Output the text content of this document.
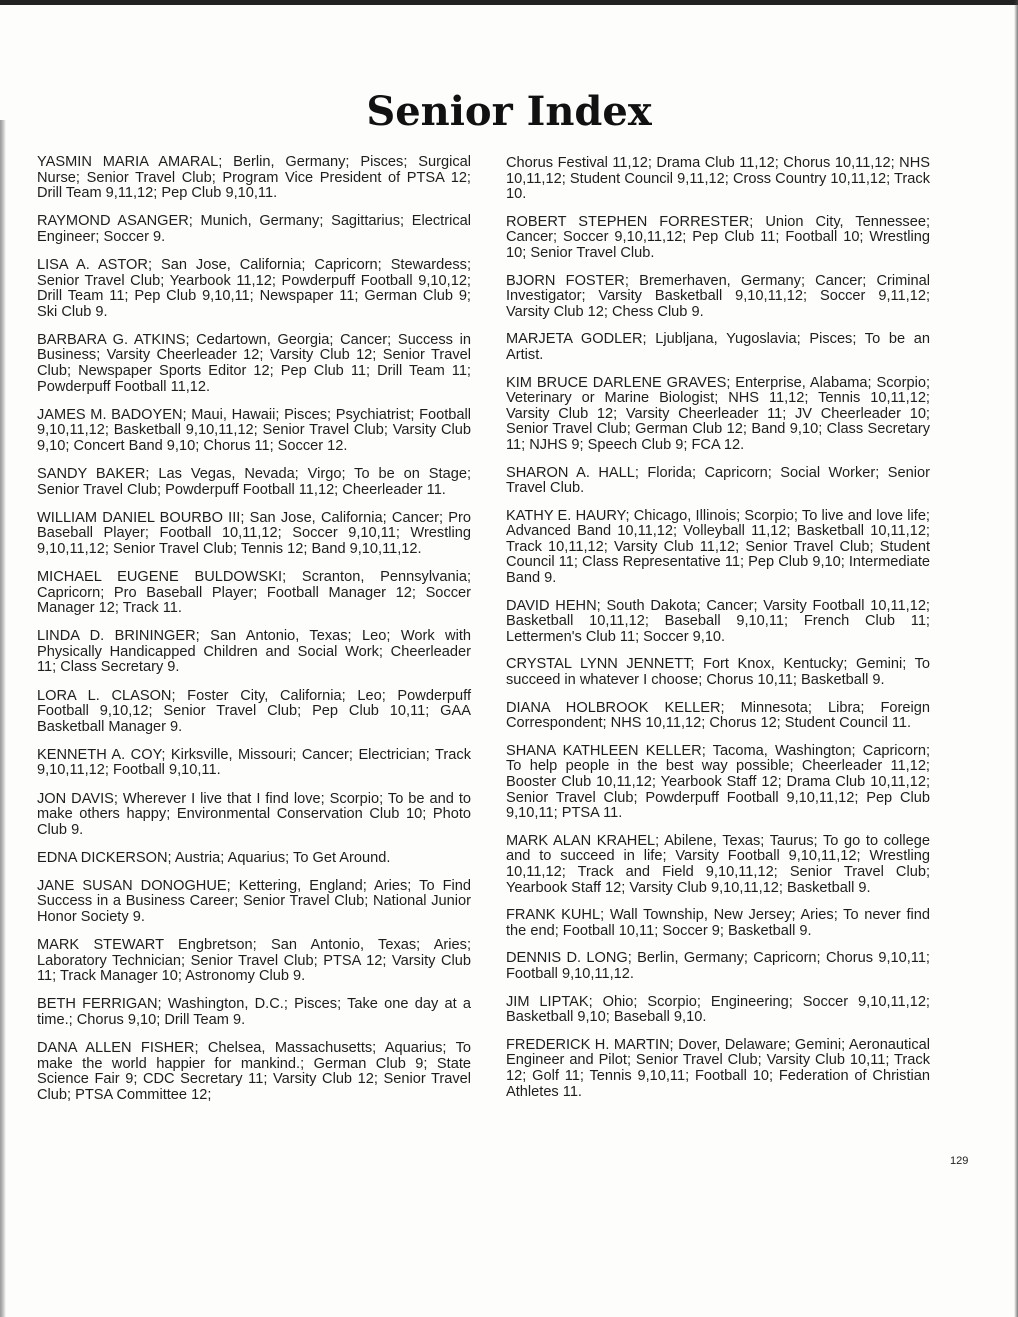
Senior Index

YASMIN MARIA AMARAL; Berlin, Germany; Pisces; Surgical Nurse; Senior Travel Club; Program Vice President of PTSA 12; Drill Team 9,11,12; Pep Club 9,10,11.

RAYMOND ASANGER; Munich, Germany; Sagittarius; Electrical Engineer; Soccer 9.

LISA A. ASTOR; San Jose, California; Capricorn; Stewardess; Senior Travel Club; Yearbook 11,12; Powderpuff Football 9,10,12; Drill Team 11; Pep Club 9,10,11; Newspaper 11; German Club 9; Ski Club 9.

BARBARA G. ATKINS; Cedartown, Georgia; Cancer; Success in Business; Varsity Cheerleader 12; Varsity Club 12; Senior Travel Club; Newspaper Sports Editor 12; Pep Club 11; Drill Team 11; Powderpuff Football 11,12.

JAMES M. BADOYEN; Maui, Hawaii; Pisces; Psychiatrist; Football 9,10,11,12; Basketball 9,10,11,12; Senior Travel Club; Varsity Club 9,10; Concert Band 9,10; Chorus 11; Soccer 12.

SANDY BAKER; Las Vegas, Nevada; Virgo; To be on Stage; Senior Travel Club; Powderpuff Football 11,12; Cheerleader 11.

WILLIAM DANIEL BOURBO III; San Jose, California; Cancer; Pro Baseball Player; Football 10,11,12; Soccer 9,10,11; Wrestling 9,10,11,12; Senior Travel Club; Tennis 12; Band 9,10,11,12.

MICHAEL EUGENE BULDOWSKI; Scranton, Pennsylvania; Capricorn; Pro Baseball Player; Football Manager 12; Soccer Manager 12; Track 11.

LINDA D. BRININGER; San Antonio, Texas; Leo; Work with Physically Handicapped Children and Social Work; Cheerleader 11; Class Secretary 9.

LORA L. CLASON; Foster City, California; Leo; Powderpuff Football 9,10,12; Senior Travel Club; Pep Club 10,11; GAA Basketball Manager 9.

KENNETH A. COY; Kirksville, Missouri; Cancer; Electrician; Track 9,10,11,12; Football 9,10,11.

JON DAVIS; Wherever I live that I find love; Scorpio; To be and to make others happy; Environmental Conservation Club 10; Photo Club 9.

EDNA DICKERSON; Austria; Aquarius; To Get Around.

JANE SUSAN DONOGHUE; Kettering, England; Aries; To Find Success in a Business Career; Senior Travel Club; National Junior Honor Society 9.

MARK STEWART Engbretson; San Antonio, Texas; Aries; Laboratory Technician; Senior Travel Club; PTSA 12; Varsity Club 11; Track Manager 10; Astronomy Club 9.

BETH FERRIGAN; Washington, D.C.; Pisces; Take one day at a time.; Chorus 9,10; Drill Team 9.

DANA ALLEN FISHER; Chelsea, Massachusetts; Aquarius; To make the world happier for mankind.; German Club 9; State Science Fair 9; CDC Secretary 11; Varsity Club 12; Senior Travel Club; PTSA Committee 12;

Chorus Festival 11,12; Drama Club 11,12; Chorus 10,11,12; NHS 10,11,12; Student Council 9,11,12; Cross Country 10,11,12; Track 10.

ROBERT STEPHEN FORRESTER; Union City, Tennessee; Cancer; Soccer 9,10,11,12; Pep Club 11; Football 10; Wrestling 10; Senior Travel Club.

BJORN FOSTER; Bremerhaven, Germany; Cancer; Criminal Investigator; Varsity Basketball 9,10,11,12; Soccer 9,11,12; Varsity Club 12; Chess Club 9.

MARJETA GODLER; Ljubljana, Yugoslavia; Pisces; To be an Artist.

KIM BRUCE DARLENE GRAVES; Enterprise, Alabama; Scorpio; Veterinary or Marine Biologist; NHS 11,12; Tennis 10,11,12; Varsity Club 12; Varsity Cheerleader 11; JV Cheerleader 10; Senior Travel Club; German Club 12; Band 9,10; Class Secretary 11; NJHS 9; Speech Club 9; FCA 12.

SHARON A. HALL; Florida; Capricorn; Social Worker; Senior Travel Club.

KATHY E. HAURY; Chicago, Illinois; Scorpio; To live and love life; Advanced Band 10,11,12; Volleyball 11,12; Basketball 10,11,12; Track 10,11,12; Varsity Club 11,12; Senior Travel Club; Student Council 11; Class Representative 11; Pep Club 9,10; Intermediate Band 9.

DAVID HEHN; South Dakota; Cancer; Varsity Football 10,11,12; Basketball 10,11,12; Baseball 9,10,11; French Club 11; Lettermen's Club 11; Soccer 9,10.

CRYSTAL LYNN JENNETT; Fort Knox, Kentucky; Gemini; To succeed in whatever I choose; Chorus 10,11; Basketball 9.

DIANA HOLBROOK KELLER; Minnesota; Libra; Foreign Correspondent; NHS 10,11,12; Chorus 12; Student Council 11.

SHANA KATHLEEN KELLER; Tacoma, Washington; Capricorn; To help people in the best way possible; Cheerleader 11,12; Booster Club 10,11,12; Yearbook Staff 12; Drama Club 10,11,12; Senior Travel Club; Powderpuff Football 9,10,11,12; Pep Club 9,10,11; PTSA 11.

MARK ALAN KRAHEL; Abilene, Texas; Taurus; To go to college and to succeed in life; Varsity Football 9,10,11,12; Wrestling 10,11,12; Track and Field 9,10,11,12; Senior Travel Club; Yearbook Staff 12; Varsity Club 9,10,11,12; Basketball 9.

FRANK KUHL; Wall Township, New Jersey; Aries; To never find the end; Football 10,11; Soccer 9; Basketball 9.

DENNIS D. LONG; Berlin, Germany; Capricorn; Chorus 9,10,11; Football 9,10,11,12.

JIM LIPTAK; Ohio; Scorpio; Engineering; Soccer 9,10,11,12; Basketball 9,10; Baseball 9,10.

FREDERICK H. MARTIN; Dover, Delaware; Gemini; Aeronautical Engineer and Pilot; Senior Travel Club; Varsity Club 10,11; Track 12; Golf 11; Tennis 9,10,11; Football 10; Federation of Christian Athletes 11.

129
